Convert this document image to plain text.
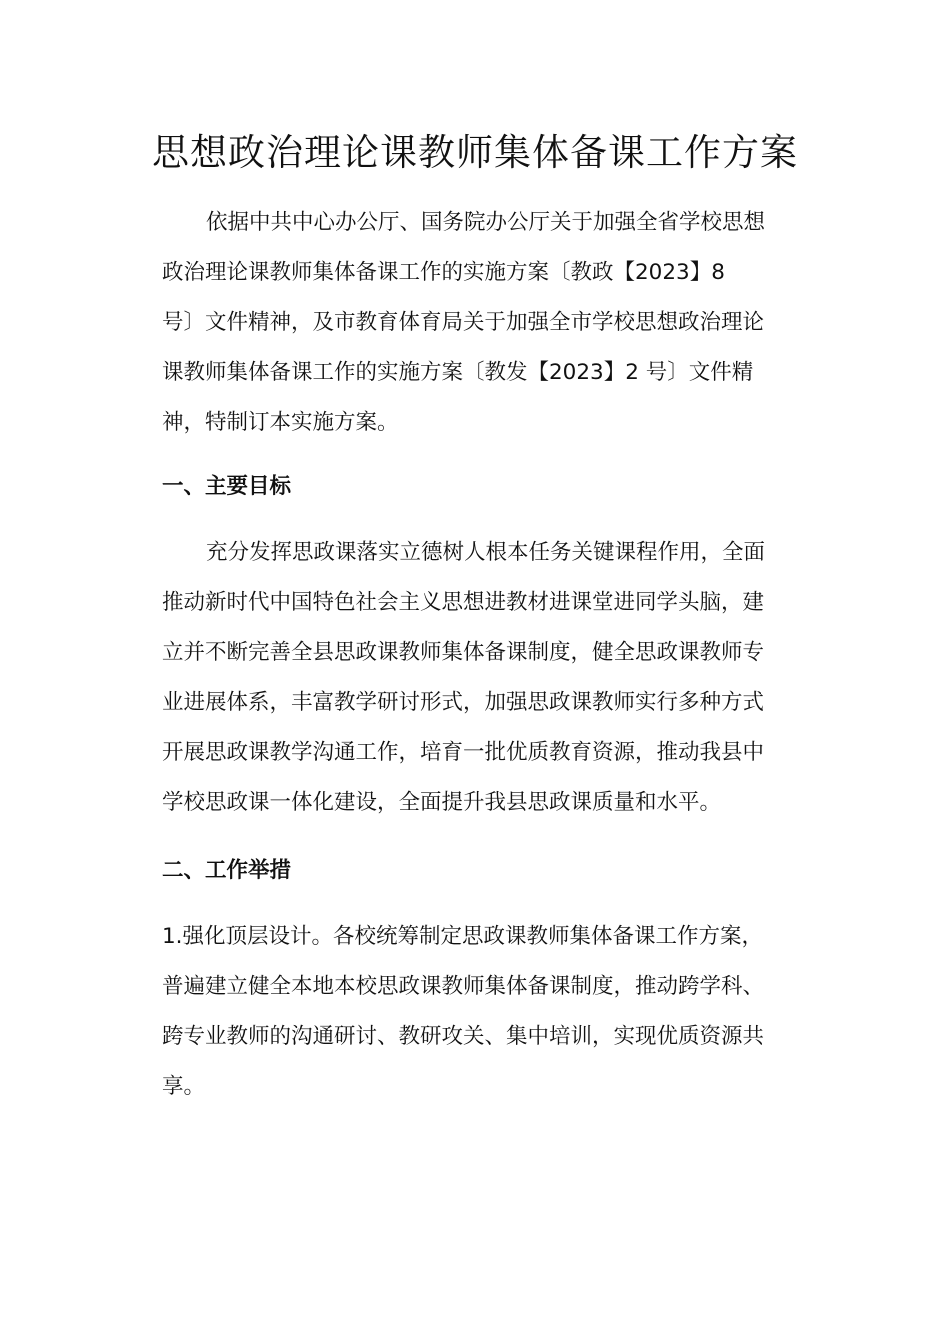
思想政治理论课教师集体备课工作方案
依据中共中心办公厅、国务院办公厅关于加强全省学校思想
政治理论课教师集体备课工作的实施方案〔教政【2023】8
号〕文件精神，及市教育体育局关于加强全市学校思想政治理论
课教师集体备课工作的实施方案〔教发【2023】2 号〕文件精
神，特制订本实施方案。
一、主要目标
充分发挥思政课落实立德树人根本任务关键课程作用，全面
推动新时代中国特色社会主义思想进教材进课堂进同学头脑，建
立并不断完善全县思政课教师集体备课制度，健全思政课教师专
业进展体系，丰富教学研讨形式，加强思政课教师实行多种方式
开展思政课教学沟通工作，培育一批优质教育资源，推动我县中
学校思政课一体化建设，全面提升我县思政课质量和水平。
二、工作举措
1.强化顶层设计。各校统筹制定思政课教师集体备课工作方案，
普遍建立健全本地本校思政课教师集体备课制度，推动跨学科、
跨专业教师的沟通研讨、教研攻关、集中培训，实现优质资源共
享。
